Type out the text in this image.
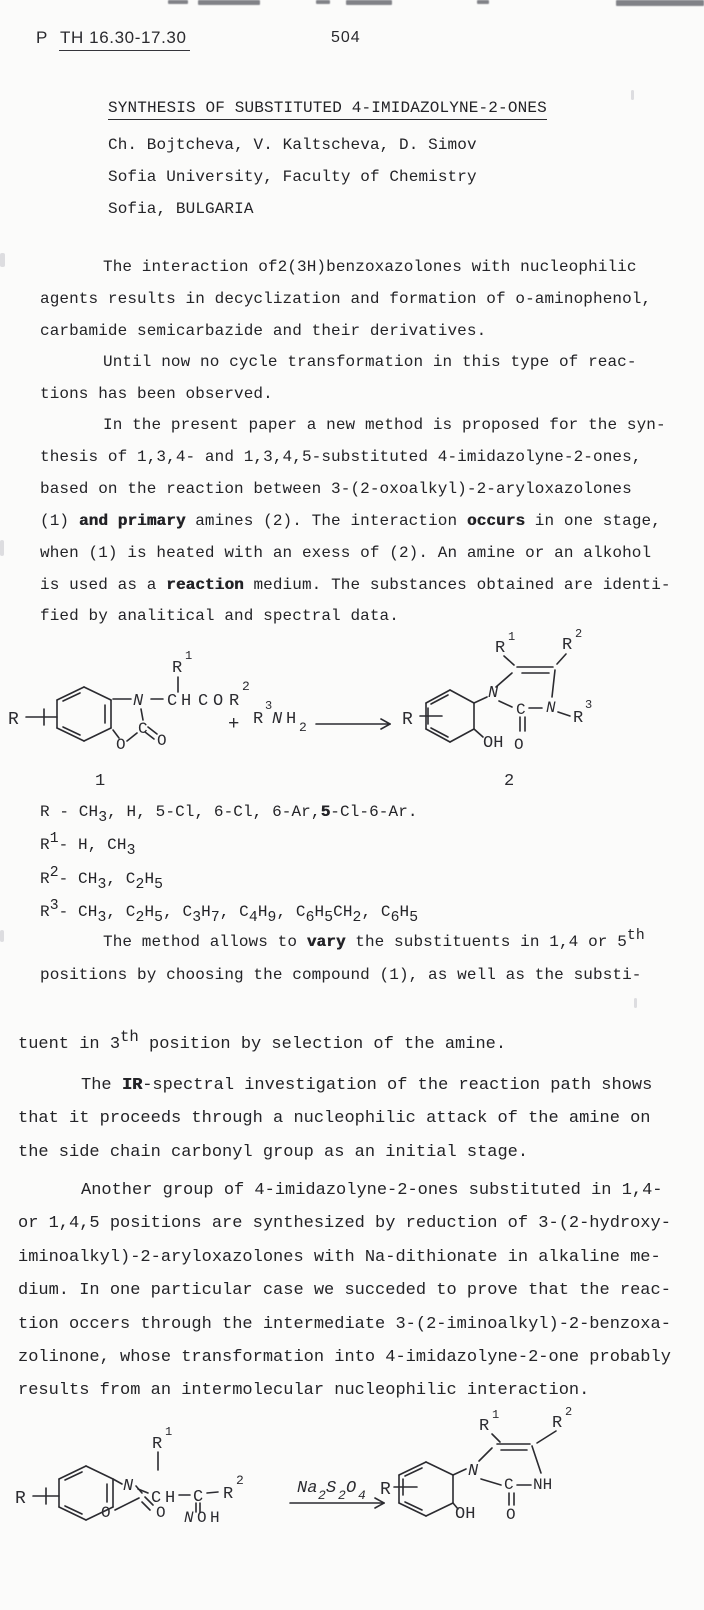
P TH 16.30-17.30	504
SYNTHESIS OF SUBSTITUTED 4-IMIDAZOLYNE-2-ONES
Ch. Bojtcheva, V. Kaltscheva, D. Simov
Sofia University, Faculty of Chemistry
Sofia, BULGARIA
The interaction of2(3H)benzoxazolones with nucleophilic
agents results in decyclization and formation of o-aminophenol,
carbamide semicarbazide and their derivatives.
Until now no cycle transformation in this type of reac-
tions has been observed.
In the present paper a new method is proposed for the syn-
thesis of 1,3,4- and 1,3,4,5-substituted 4-imidazolyne-2-ones,
based on the reaction between 3-(2-oxoalkyl)-2-aryloxazolones
(1) and primary amines (2). The interaction occurs in one stage,
when (1) is heated with an exess of (2). An amine or an alkohol
is used as a reaction medium. The substances obtained are identi-
fied by analitical and spectral data.
R
N
O
C
O
C H C O R
2
R
1
+ R
3
N H 2	R
N
OH
C N
R
3
O
R
1	R
2
1	2
R - CH3, H, 5-Cl, 6-Cl, 6-Ar,5-Cl-6-Ar.
R1- H, CH3
R2- CH3, C2H5
R3- CH3, C2H5, C3H7, C4H9, C6H5CH2, C6H5
The method allows to vary the substituents in 1,4 or 5th
positions by choosing the compound (1), as well as the substi-
tuent in 3th position by selection of the amine.
The IR-spectral investigation of the reaction path shows
that it proceeds through a nucleophilic attack of the amine on
the side chain carbonyl group as an initial stage.
Another group of 4-imidazolyne-2-ones substituted in 1,4-
or 1,4,5 positions are synthesized by reduction of 3-(2-hydroxy-
iminoalkyl)-2-aryloxazolones with Na-dithionate in alkaline me-
dium. In one particular case we succeded to prove that the reac-
tion occers through the intermediate 3-(2-iminoalkyl)-2-benzoxa-
zolinone, whose transformation into 4-imidazolyne-2-one probably
results from an intermolecular nucleophilic interaction.
R
N
O	O
C H C R
2
R
1
N O H
Na 2 S 2 O 4 R
N
OH
C NH
O
R
1	R
2
